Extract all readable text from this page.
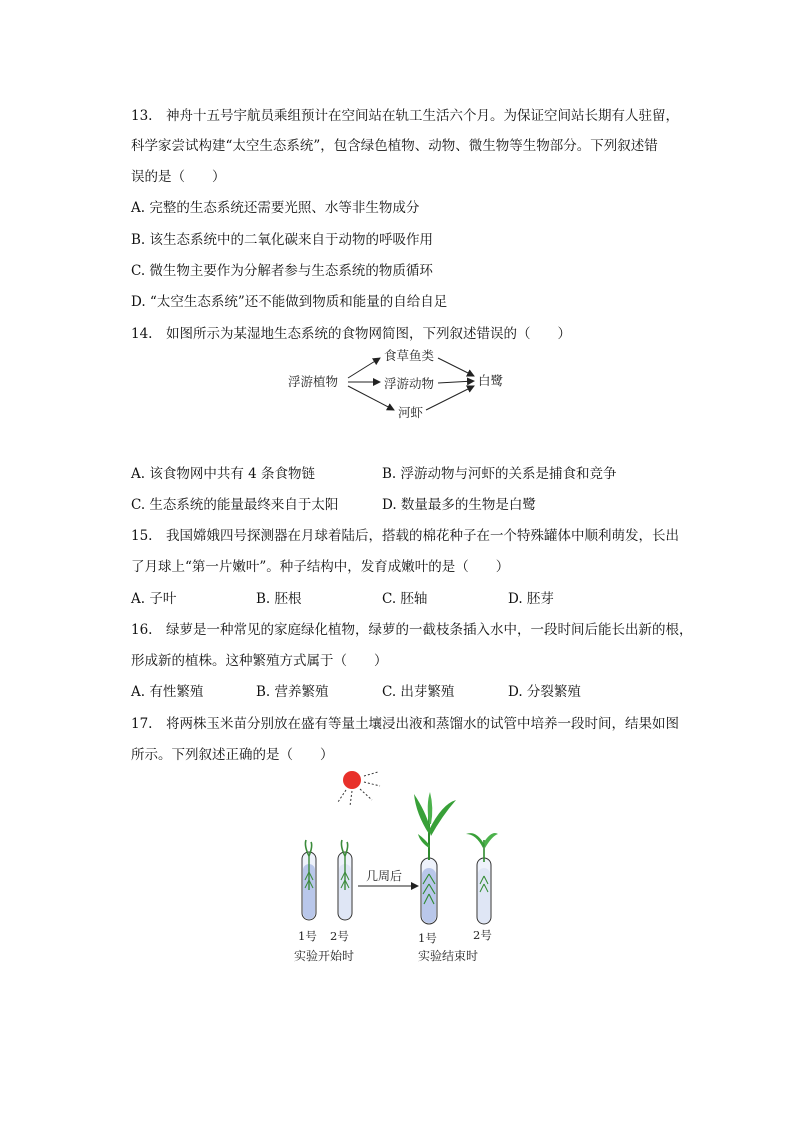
13.　神舟十五号宇航员乘组预计在空间站在轨工生活六个月。为保证空间站长期有人驻留，
科学家尝试构建“太空生态系统”，包含绿色植物、动物、微生物等生物部分。下列叙述错
误的是（　　）
A. 完整的生态系统还需要光照、水等非生物成分
B. 该生态系统中的二氧化碳来自于动物的呼吸作用
C. 微生物主要作为分解者参与生态系统的物质循环
D. “太空生态系统”还不能做到物质和能量的自给自足
14.　如图所示为某湿地生态系统的食物网简图，下列叙述错误的（　　）
浮游植物
食草鱼类
浮游动物
河虾
白鹭
A. 该食物网中共有 4 条食物链	B. 浮游动物与河虾的关系是捕食和竞争
C. 生态系统的能量最终来自于太阳	D. 数量最多的生物是白鹭
15.　我国嫦娥四号探测器在月球着陆后，搭载的棉花种子在一个特殊罐体中顺利萌发，长出
了月球上“第一片嫩叶”。种子结构中，发育成嫩叶的是（　　）
A. 子叶	B. 胚根	C. 胚轴	D. 胚芽
16.　绿萝是一种常见的家庭绿化植物，绿萝的一截枝条插入水中，一段时间后能长出新的根，
形成新的植株。这种繁殖方式属于（　　）
A. 有性繁殖	B. 营养繁殖	C. 出芽繁殖	D. 分裂繁殖
17.　将两株玉米苗分别放在盛有等量土壤浸出液和蒸馏水的试管中培养一段时间，结果如图
所示。下列叙述正确的是（　　）
几周后
1号 2号	1号	2号
实验开始时	实验结束时
